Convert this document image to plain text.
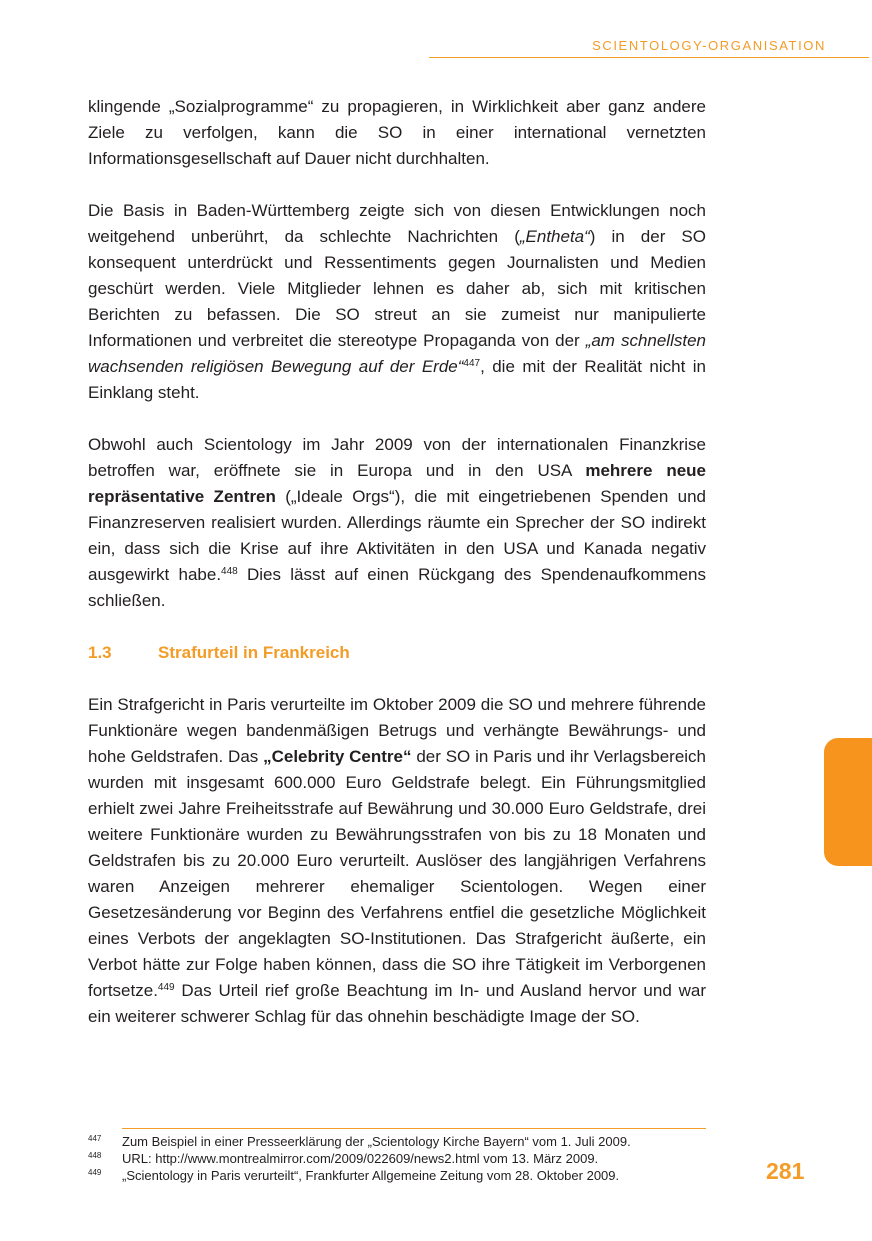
SCIENTOLOGY-ORGANISATION

klingende „Sozialprogramme“ zu propagieren, in Wirklichkeit aber ganz andere Ziele zu verfolgen, kann die SO in einer international vernetzten Informationsgesellschaft auf Dauer nicht durchhalten.

Die Basis in Baden-Württemberg zeigte sich von diesen Entwicklungen noch weitgehend unberührt, da schlechte Nachrichten („Entheta“) in der SO konsequent unterdrückt und Ressentiments gegen Journalisten und Medien geschürt werden. Viele Mitglieder lehnen es daher ab, sich mit kritischen Berichten zu befassen. Die SO streut an sie zumeist nur manipulierte Informationen und verbreitet die stereotype Propaganda von der „am schnellsten wachsenden religiösen Bewegung auf der Erde“$^{447}$, die mit der Realität nicht in Einklang steht.

Obwohl auch Scientology im Jahr 2009 von der internationalen Finanzkrise betroffen war, eröffnete sie in Europa und in den USA mehrere neue repräsentative Zentren („Ideale Orgs“), die mit eingetriebenen Spenden und Finanzreserven realisiert wurden. Allerdings räumte ein Sprecher der SO indirekt ein, dass sich die Krise auf ihre Aktivitäten in den USA und Kanada negativ ausgewirkt habe.$^{448}$ Dies lässt auf einen Rückgang des Spendenaufkommens schließen.

1.3	Strafurteil in Frankreich

Ein Strafgericht in Paris verurteilte im Oktober 2009 die SO und mehrere führende Funktionäre wegen bandenmäßigen Betrugs und verhängte Bewährungs- und hohe Geldstrafen. Das „Celebrity Centre“ der SO in Paris und ihr Verlagsbereich wurden mit insgesamt 600.000 Euro Geldstrafe belegt. Ein Führungsmitglied erhielt zwei Jahre Freiheitsstrafe auf Bewährung und 30.000 Euro Geldstrafe, drei weitere Funktionäre wurden zu Bewährungsstrafen von bis zu 18 Monaten und Geldstrafen bis zu 20.000 Euro verurteilt. Auslöser des langjährigen Verfahrens waren Anzeigen mehrerer ehemaliger Scientologen. Wegen einer Gesetzesänderung vor Beginn des Verfahrens entfiel die gesetzliche Möglichkeit eines Verbots der angeklagten SO-Institutionen. Das Strafgericht äußerte, ein Verbot hätte zur Folge haben können, dass die SO ihre Tätigkeit im Verborgenen fortsetze.$^{449}$ Das Urteil rief große Beachtung im In- und Ausland hervor und war ein weiterer schwerer Schlag für das ohnehin beschädigte Image der SO.

447	Zum Beispiel in einer Presseerklärung der „Scientology Kirche Bayern“ vom 1. Juli 2009.
448	URL: http://www.montrealmirror.com/2009/022609/news2.html vom 13. März 2009.
449	„Scientology in Paris verurteilt“, Frankfurter Allgemeine Zeitung vom 28. Oktober 2009.	281
